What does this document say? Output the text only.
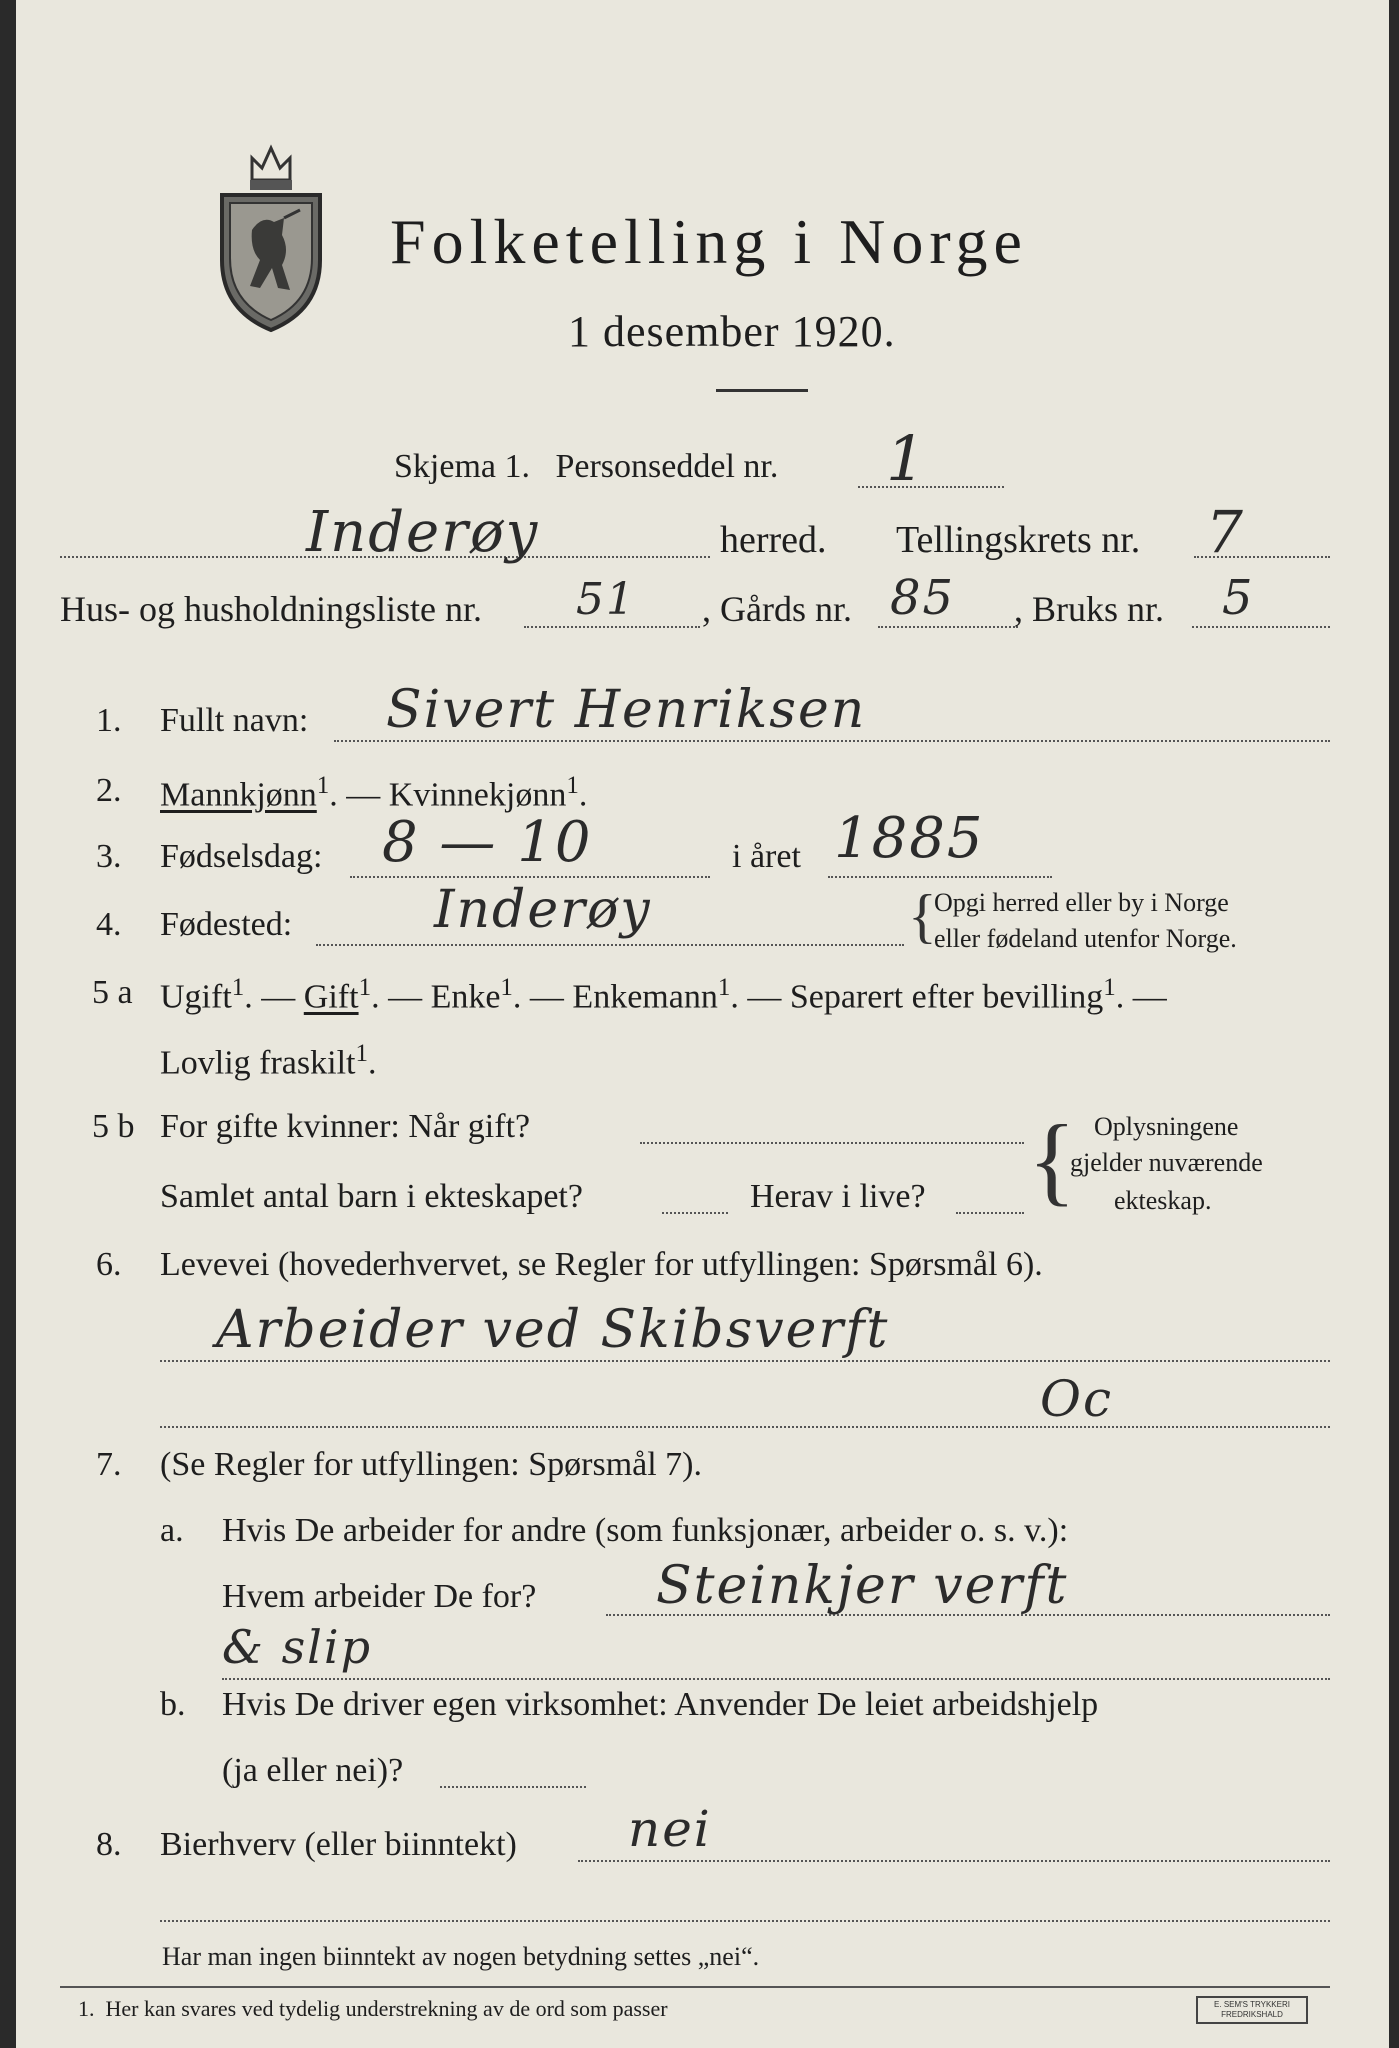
Folketelling i Norge
1 desember 1920.
Skjema 1. Personseddel nr. 1
Inderøy	herred. Tellingskrets nr. 7
Hus- og husholdningsliste nr. 51 , Gårds nr. 85 , Bruks nr. 5
1. Fullt navn: Sivert Henriksen
2. Mannkjønn$^1$. — Kvinnekjønn$^1$.
3. Fødselsdag: 8 — 10	i året 1885
4. Fødested:	Inderøy	{
Opgi herred eller by i Norge
eller fødeland utenfor Norge.
5 a Ugift$^1$. — Gift$^1$. — Enke$^1$. — Enkemann$^1$. — Separert efter bevilling$^1$. —
Lovlig fraskilt$^1$.
5 b For gifte kvinner: Når gift?
Samlet antal barn i ekteskapet?	Herav i live? { Oplysningene
gjelder nuværende
ekteskap.
6. Levevei (hovederhvervet, se Regler for utfyllingen: Spørsmål 6).
Arbeider ved Skibsverft
Oc
7. (Se Regler for utfyllingen: Spørsmål 7).
a. Hvis De arbeider for andre (som funksjonær, arbeider o. s. v.):
Hvem arbeider De for? Steinkjer verft
& slip
b. Hvis De driver egen virksomhet: Anvender De leiet arbeidshjelp
(ja eller nei)?
8. Bierhverv (eller biinntekt) nei
Har man ingen biinntekt av nogen betydning settes „nei“.
1.  Her kan svares ved tydelig understrekning av de ord som passer	E. SEM'S TRYKKERI
FREDRIKSHALD
